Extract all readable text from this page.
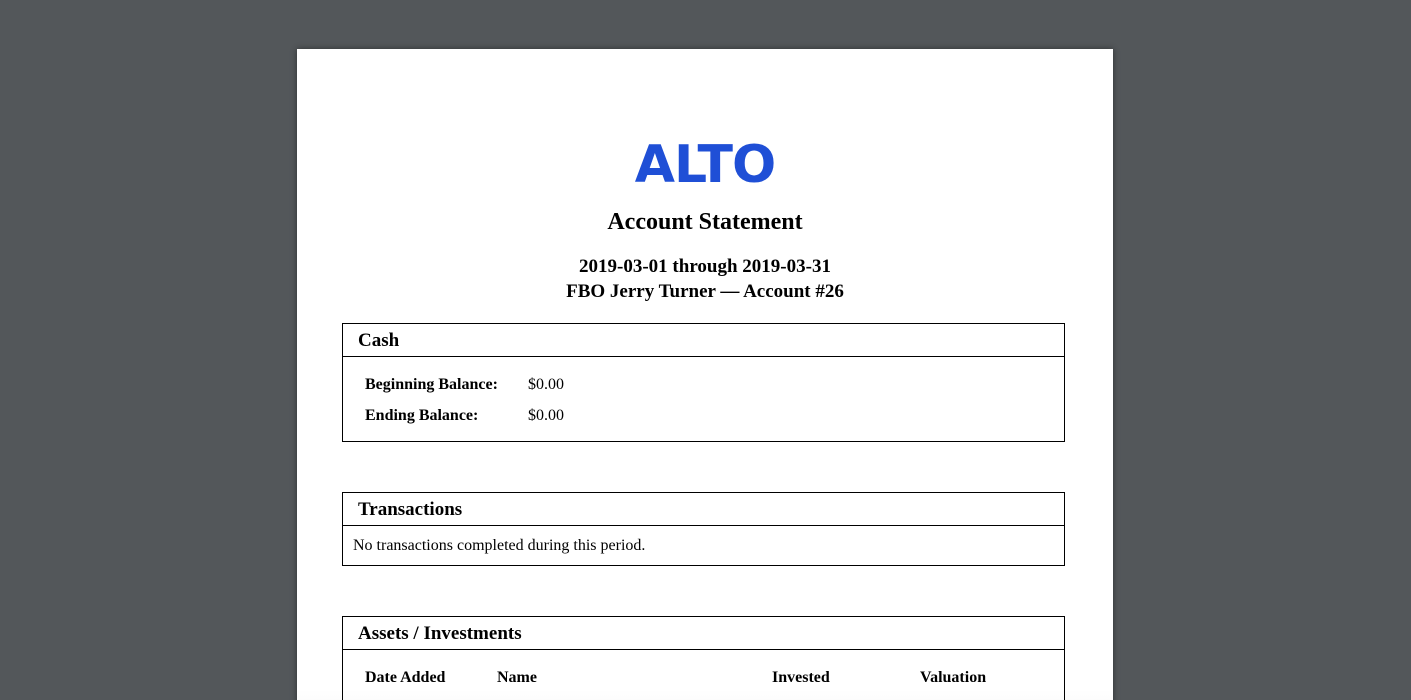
ALTO
Account Statement
2019-03-01 through 2019-03-31
FBO Jerry Turner — Account #26
Cash
Beginning Balance: $0.00
Ending Balance:	$0.00
Transactions
No transactions completed during this period.
Assets / Investments
Date Added	Name	Invested	Valuation
